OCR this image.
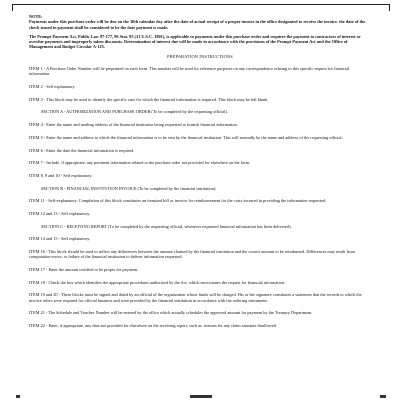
NOTE:

Payments under this purchase order will be due on the 30th calendar day after the date of actual receipt of a proper invoice in the office designated to receive the invoice. the date of the check issued in payment shall be considered to be the date payment is made.

The Prompt Payment Act, Public Law 97-177, 96 Stat. 85 (31 U.S.C. 1801), is applicable to payments under this purchase order and requires the payment to contractors of interest or overdue payments and improperly taken discounts. Determination of interest due will be made in accordance with the provisions of the Prompt Payment Act and the Office of Management and Budget Circular A-125.

PREPARATION INSTRUCTIONS

ITEM 1 - A Purchase Order Number will be preprinted on each form. This number will be used for reference purposes on any correspondence relating to this specific request for financial information.

ITEM 2 - Self explanatory.

ITEM 3 - This block may be used to identify the specific case for which the financial information is required. This block may be left blank.

SECTION A - AUTHORIZATION AND PURCHASE ORDER (To be completed by the requesting official).

ITEM 4 - Enter the name and mailing address of the financial institution being requested to furnish financial information.

ITEM 5 - Enter the name and address to which the financial information is to be sent by the financial institution. This will normally be the name and address of the requesting official.

ITEM 6 - Enter the date the financial information is required.

ITEM 7 - Include, if appropriate, any pertinent information related to the purchase order not provided for elsewhere on the form.

ITEM 8, 9 and 10 - Self explanatory.

SECTION B - FINANCIAL INSTITUTION INVOICE (To be completed by the financial institution).

ITEM 11 - Self-explanatory. Completion of this block constitutes an itemized bill or invoice for reimbursement for the costs incurred in providing the information requested.

ITEM 12 and 13 - Self explanatory.

SECTION C - RECEIVING REPORT (To be completed by the requesting official, whenever requested financial information has been delivered).

ITEM 14 and 15 - Self explanatory.

ITEM 16 - This block should be used to reflect any differences between the amount claimed by the financial institution and the correct amount to be reimbursed. Differences may result from computation errors, or failure of the financial institution to deliver information requested.

ITEM 17 - Enter the amount certified to be proper for payment.

ITEM 18 - Check the box which identifies the appropriate procedures authorized by the Act, which necessitates the request for financial information.

ITEM 19 and 20 - These blocks must be signed and dated by an official of the organization whose funds will be charged. His or her signature constitutes a statement that the records to which the invoice refers were required for official business and were provided by the financial institution in accordance with the ordering instrument.

ITEM 21 - The Schedule and Voucher Number will be entered by the office which actually schedules the approved amount for payment by the Treasury Department.

ITEM 22 - Enter, if appropriate, any data not provided for elsewhere on the receiving report, such as, reasons for any claim amounts disallowed.
